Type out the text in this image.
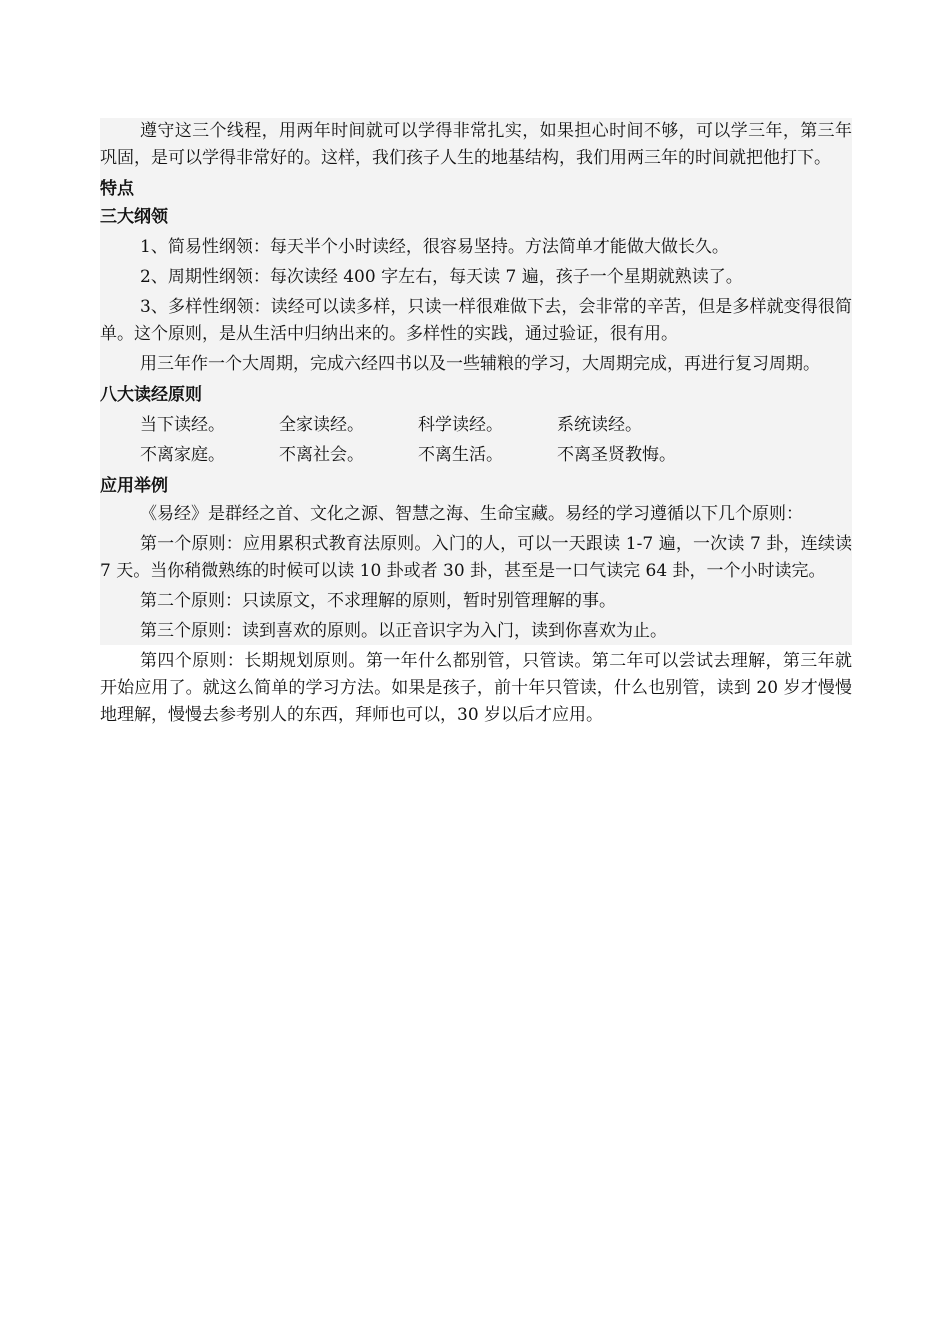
遵守这三个线程，用两年时间就可以学得非常扎实，如果担心时间不够，可以学三年，第三年巩固，是可以学得非常好的。这样，我们孩子人生的地基结构，我们用两三年的时间就把他打下。

特点
三大纲领

1、简易性纲领：每天半个小时读经，很容易坚持。方法简单才能做大做长久。

2、周期性纲领：每次读经 400 字左右，每天读 7 遍，孩子一个星期就熟读了。

3、多样性纲领：读经可以读多样，只读一样很难做下去，会非常的辛苦，但是多样就变得很简单。这个原则，是从生活中归纳出来的。多样性的实践，通过验证，很有用。

用三年作一个大周期，完成六经四书以及一些辅粮的学习，大周期完成，再进行复习周期。

八大读经原则
当下读经。	全家读经。	科学读经。	系统读经。
不离家庭。	不离社会。	不离生活。	不离圣贤教悔。
应用举例

《易经》是群经之首、文化之源、智慧之海、生命宝藏。易经的学习遵循以下几个原则：

第一个原则：应用累积式教育法原则。入门的人，可以一天跟读 1-7 遍，一次读 7 卦，连续读 7 天。当你稍微熟练的时候可以读 10 卦或者 30 卦，甚至是一口气读完 64 卦，一个小时读完。

第二个原则：只读原文，不求理解的原则，暂时别管理解的事。

第三个原则：读到喜欢的原则。以正音识字为入门，读到你喜欢为止。

第四个原则：长期规划原则。第一年什么都别管，只管读。第二年可以尝试去理解，第三年就开始应用了。就这么简单的学习方法。如果是孩子，前十年只管读，什么也别管，读到 20 岁才慢慢地理解，慢慢去参考别人的东西，拜师也可以，30 岁以后才应用。
